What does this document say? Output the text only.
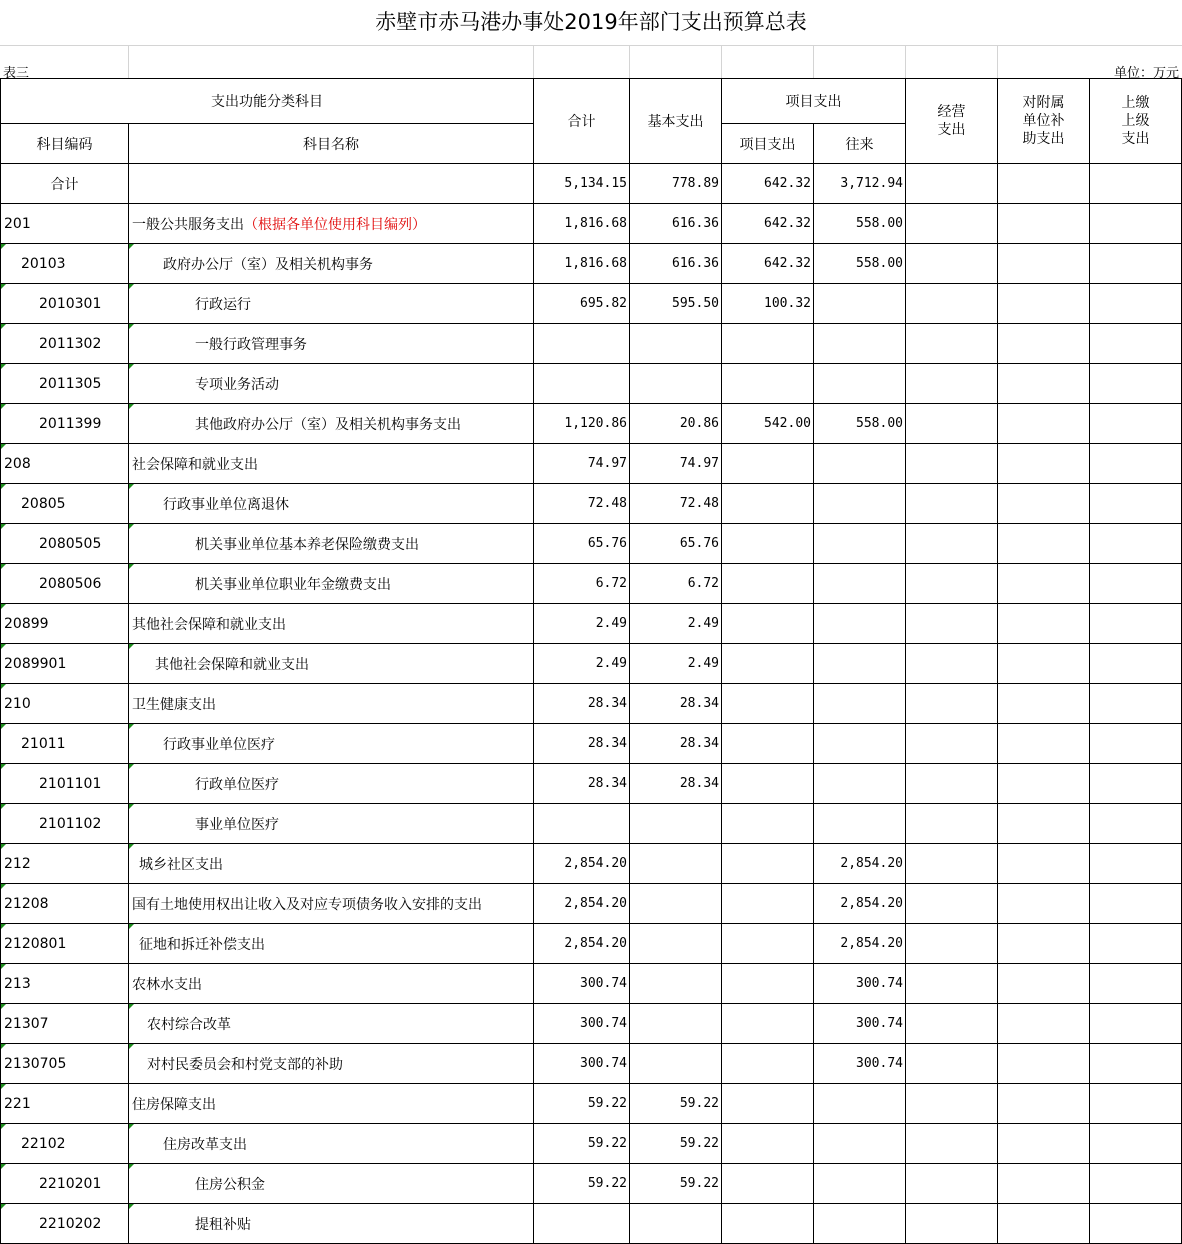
赤壁市赤马港办事处2019年部门支出预算总表
表三	单位：万元
支出功能分类科目		合计	基本支出	项目支出		经营支出	对附属单位补助支出	上缴上级支出

科目编码	科目名称			项目支出	往来			
合计		5,134.15	778.89	642.32	3,712.94			
201	一般公共服务支出（根据各单位使用科目编列）	1,816.68	616.36	642.32	558.00			
20103	政府办公厅（室）及相关机构事务	1,816.68	616.36	642.32	558.00			
2010301	行政运行	695.82	595.50	100.32				
2011302	一般行政管理事务							
2011305	专项业务活动							
2011399	其他政府办公厅（室）及相关机构事务支出	1,120.86	20.86	542.00	558.00			
208	社会保障和就业支出	74.97	74.97					
20805	行政事业单位离退休	72.48	72.48					
2080505	机关事业单位基本养老保险缴费支出	65.76	65.76					
2080506	机关事业单位职业年金缴费支出	6.72	6.72					
20899	其他社会保障和就业支出	2.49	2.49					
2089901	其他社会保障和就业支出	2.49	2.49					
210	卫生健康支出	28.34	28.34					
21011	行政事业单位医疗	28.34	28.34					
2101101	行政单位医疗	28.34	28.34					
2101102	事业单位医疗							
212	城乡社区支出	2,854.20			2,854.20			
21208	国有土地使用权出让收入及对应专项债务收入安排的支出	2,854.20			2,854.20			
2120801	征地和拆迁补偿支出	2,854.20			2,854.20			
213	农林水支出	300.74			300.74			
21307	农村综合改革	300.74			300.74			
2130705	对村民委员会和村党支部的补助	300.74			300.74			
221	住房保障支出	59.22	59.22					
22102	住房改革支出	59.22	59.22					
2210201	住房公积金	59.22	59.22					
2210202	提租补贴							
